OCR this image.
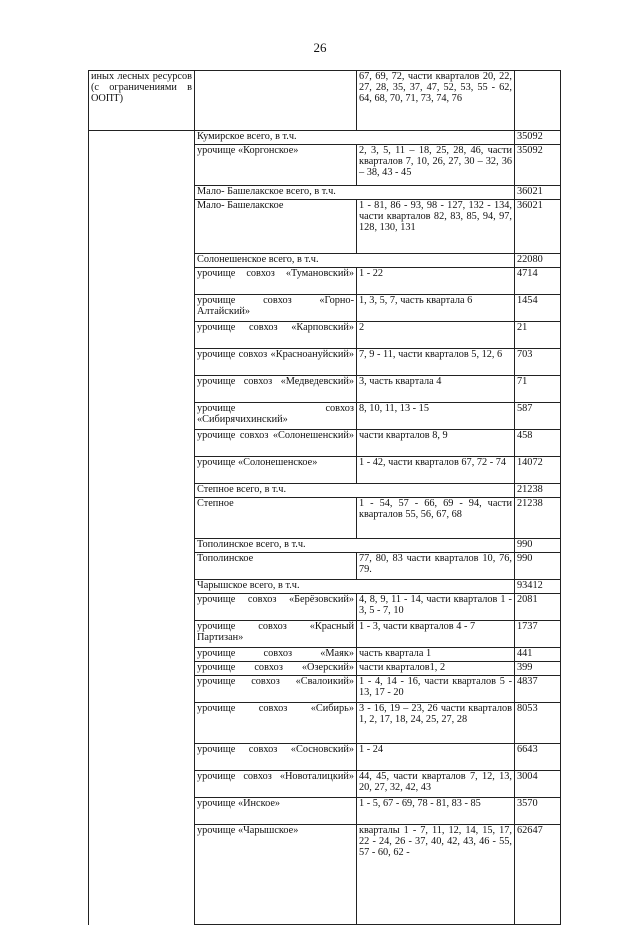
26
иных лесных ресурсов (с ограничениями в ООПТ)		67, 69, 72, части кварталов 20, 22, 27, 28, 35, 37, 47, 52, 53, 55 - 62, 64, 68, 70, 71, 73, 74, 76	
	Кумирское всего, в т.ч.		35092
	урочище «Коргонское»	2, 3, 5, 11 – 18, 25, 28, 46, части кварталов 7, 10, 26, 27, 30 – 32, 36 – 38, 43 - 45	35092
	Мало- Башелакское всего, в т.ч.		36021
	Мало- Башелакское	1 - 81, 86 - 93, 98 - 127, 132 - 134, части кварталов 82, 83, 85, 94, 97, 128, 130, 131	36021
	Солонешенское всего, в т.ч.		22080
	урочище совхоз «Тумановский»	1 - 22	4714
	урочище совхоз «Горно-Алтайский»	1, 3, 5, 7, часть квартала 6	1454
	урочище совхоз «Карповский»	2	21
	урочище совхоз «Красноануйский»	7, 9 - 11, части кварталов 5, 12, 6	703
	урочище совхоз «Медведевский»	3, часть квартала 4	71
	урочище совхоз «Сибирячихинский»	8, 10, 11, 13 - 15	587
	урочище совхоз «Солонешенский»	части кварталов 8, 9	458
	урочище «Солонешенское»	1 - 42, части кварталов 67, 72 - 74	14072
	Степное всего, в т.ч.		21238
	Степное	1 - 54, 57 - 66, 69 - 94, части кварталов 55, 56, 67, 68	21238
	Тополинское всего, в т.ч.		990
	Тополинское	77, 80, 83 части кварталов 10, 76, 79.	990
	Чарышское всего, в т.ч.		93412
	урочище совхоз «Берёзовский»	4, 8, 9, 11 - 14, части кварталов 1 - 3, 5 - 7, 10	2081
	урочище совхоз «Красный Партизан»	1 - 3, части кварталов 4 - 7	1737
	урочище совхоз «Маяк»	часть квартала 1	441
	урочище совхоз «Озерский»	части кварталов1, 2	399
	урочище совхоз «Свалоикий»	1 - 4, 14 - 16, части кварталов 5 - 13, 17 - 20	4837
	урочище совхоз «Сибирь»	3 - 16, 19 – 23, 26 части кварталов 1, 2, 17, 18, 24, 25, 27, 28	8053
	урочище совхоз «Сосновский»	1 - 24	6643
	урочище совхоз «Новоталицкий»	44, 45, части кварталов 7, 12, 13, 20, 27, 32, 42, 43	3004
	урочище «Инское»	1 - 5, 67 - 69, 78 - 81, 83 - 85	3570
	урочище «Чарышское»	кварталы 1 - 7, 11, 12, 14, 15, 17, 22 - 24, 26 - 37, 40, 42, 43, 46 - 55, 57 - 60, 62 -	62647
